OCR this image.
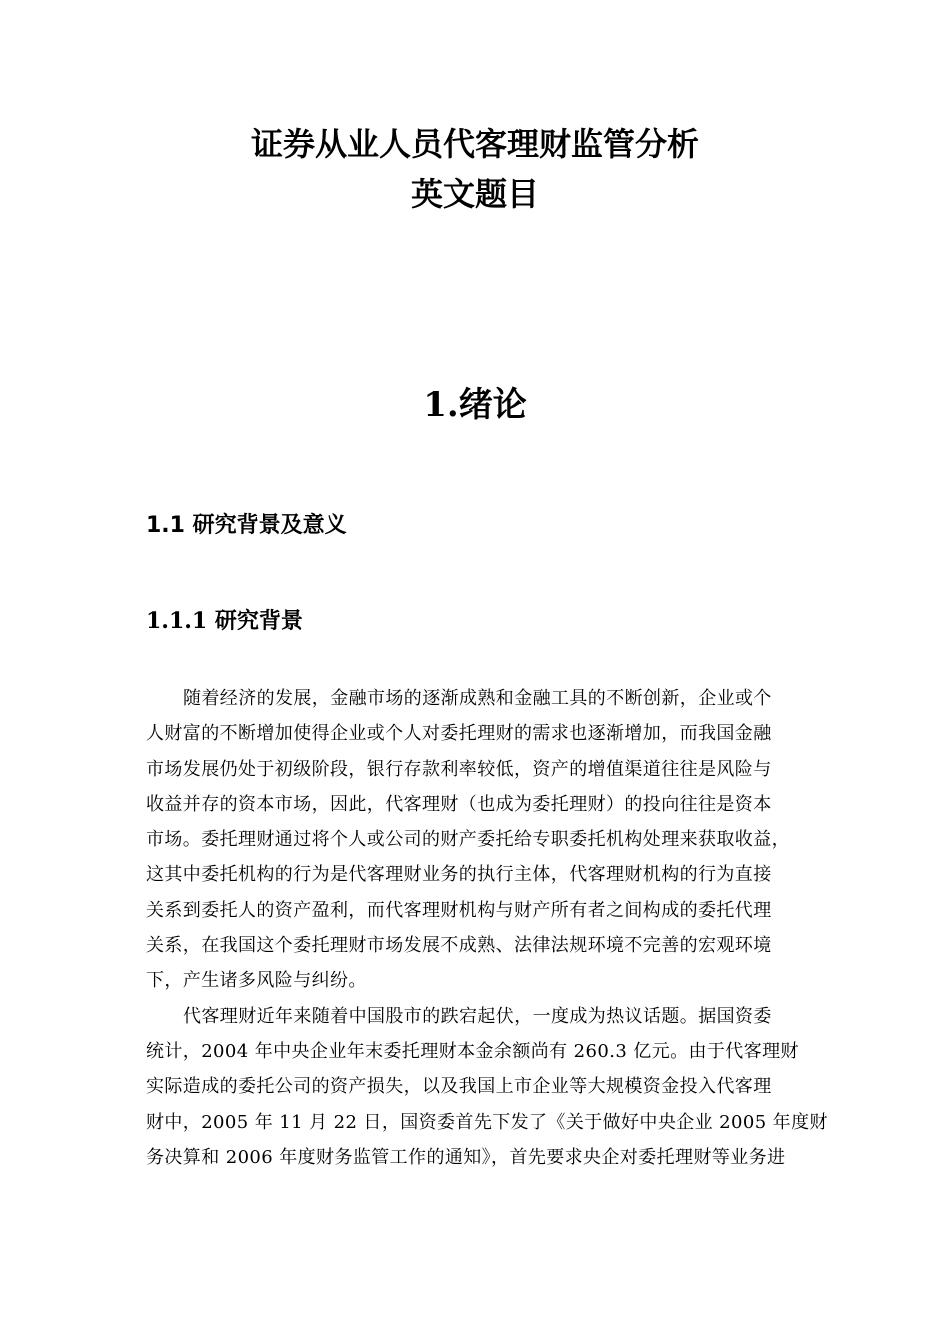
证券从业人员代客理财监管分析
英文题目
1.绪论
1.1 研究背景及意义
1.1.1 研究背景
随着经济的发展，金融市场的逐渐成熟和金融工具的不断创新，企业或个
人财富的不断增加使得企业或个人对委托理财的需求也逐渐增加，而我国金融
市场发展仍处于初级阶段，银行存款利率较低，资产的增值渠道往往是风险与
收益并存的资本市场，因此，代客理财（也成为委托理财）的投向往往是资本
市场。委托理财通过将个人或公司的财产委托给专职委托机构处理来获取收益，
这其中委托机构的行为是代客理财业务的执行主体，代客理财机构的行为直接
关系到委托人的资产盈利，而代客理财机构与财产所有者之间构成的委托代理
关系，在我国这个委托理财市场发展不成熟、法律法规环境不完善的宏观环境
下，产生诸多风险与纠纷。
代客理财近年来随着中国股市的跌宕起伏，一度成为热议话题。据国资委
统计，2004 年中央企业年末委托理财本金余额尚有 260.3 亿元。由于代客理财
实际造成的委托公司的资产损失，以及我国上市企业等大规模资金投入代客理
财中，2005 年 11 月 22 日，国资委首先下发了《关于做好中央企业 2005 年度财
务决算和 2006 年度财务监管工作的通知》，首先要求央企对委托理财等业务进
